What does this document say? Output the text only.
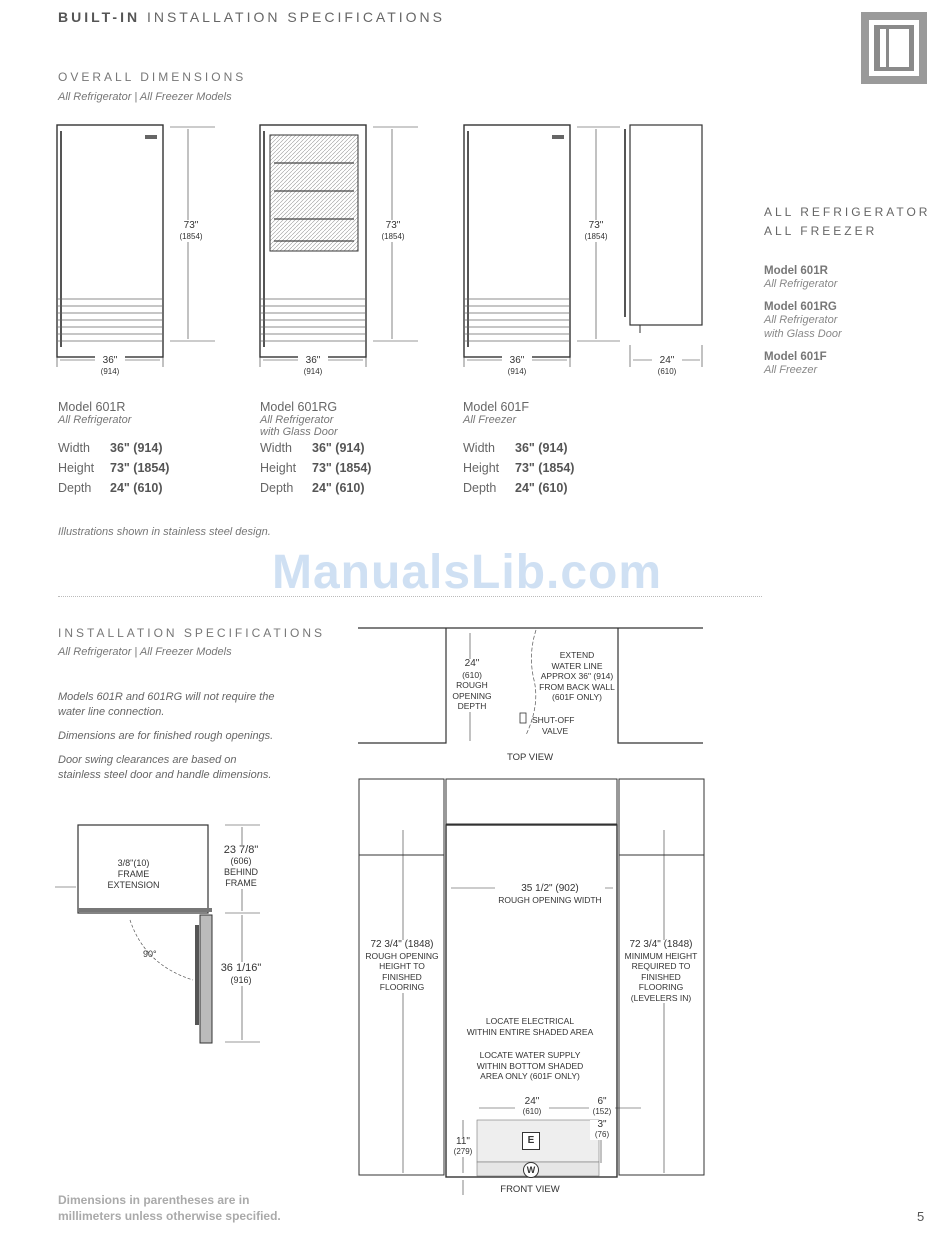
BUILT-IN INSTALLATION SPECIFICATIONS
OVERALL DIMENSIONS
All Refrigerator | All Freezer Models
73"
(1854)
73"
(1854)
73"
(1854)
36"
(914)
36"
(914)
36"
(914)
24"
(610)
Model 601R
All Refrigerator
Width 36" (914)
Height 73" (1854)
Depth 24" (610)
Model 601RG
All Refrigerator
with Glass Door
Width 36" (914)
Height 73" (1854)
Depth 24" (610)
Model 601F
All Freezer
Width 36" (914)
Height 73" (1854)
Depth 24" (610)
ALL REFRIGERATOR
ALL FREEZER
Model 601R
All Refrigerator
Model 601RG
All Refrigerator
with Glass Door
Model 601F
All Freezer
Illustrations shown in stainless steel design.
ManualsLib.com
INSTALLATION SPECIFICATIONS
All Refrigerator | All Freezer Models
Models 601R and 601RG will not require the
water line connection.
Dimensions are for finished rough openings.
Door swing clearances are based on
stainless steel door and handle dimensions.
3/8"(10)
FRAME
EXTENSION
23 7/8"
(606)
BEHIND
FRAME
90°
36 1/16"
(916)
24"
(610)
ROUGH
OPENING
DEPTH
EXTEND
WATER LINE
APPROX 36" (914)
FROM BACK WALL
(601F ONLY)
SHUT-OFF
VALVE
TOP VIEW
35 1/2" (902)
ROUGH OPENING WIDTH
72 3/4" (1848)
ROUGH OPENING
HEIGHT TO
FINISHED
FLOORING
72 3/4" (1848)
MINIMUM HEIGHT
REQUIRED TO
FINISHED
FLOORING
(LEVELERS IN)
LOCATE ELECTRICAL
WITHIN ENTIRE SHADED AREA
LOCATE WATER SUPPLY
WITHIN BOTTOM SHADED
AREA ONLY (601F ONLY)
24"
(610)
6"
(152)
3"
(76)
11"
(279)
E
W
FRONT VIEW
Dimensions in parentheses are in
millimeters unless otherwise specified.	5
